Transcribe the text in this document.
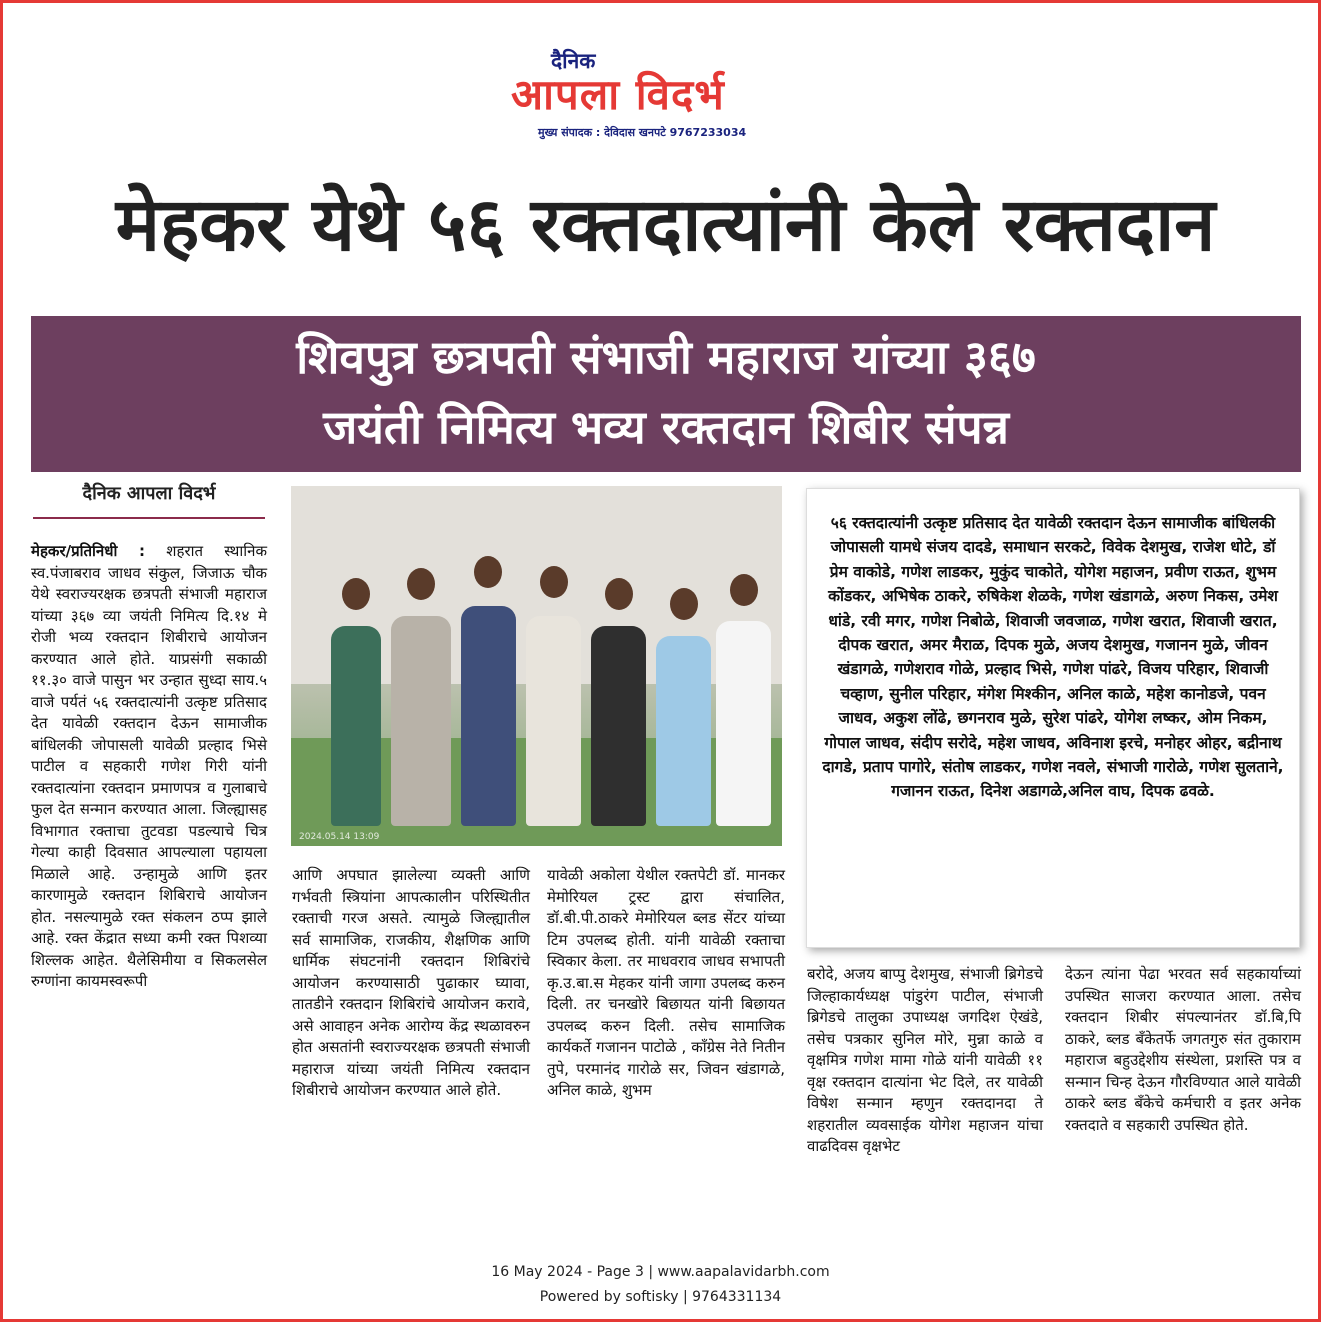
दैनिक
आपला विदर्भ
मुख्य संपादक : देविदास खनपटे 9767233034
मेहकर येथे ५६ रक्तदात्यांनी केले रक्तदान
शिवपुत्र छत्रपती संभाजी महाराज यांच्या ३६७
जयंती निमित्य भव्य रक्तदान शिबीर संपन्न
दैनिक आपला विदर्भ
मेहकर/प्रतिनिधी : शहरात स्थानिक स्व.पंजाबराव जाधव संकुल, जिजाऊ चौक येथे स्वराज्यरक्षक छत्रपती संभाजी महाराज यांच्या ३६७ व्या जयंती निमित्य दि.१४ मे रोजी भव्य रक्तदान शिबीराचे आयोजन करण्यात आले होते. याप्रसंगी सकाळी ११.३० वाजे पासुन भर उन्हात सुध्दा साय.५ वाजे पर्यतं ५६ रक्तदात्यांनी उत्कृष्ट प्रतिसाद देत यावेळी रक्तदान देऊन सामाजीक बांधिलकी जोपासली यावेळी प्रल्हाद भिसे पाटील व सहकारी गणेश गिरी यांनी रक्तदात्यांना रक्तदान प्रमाणपत्र व गुलाबाचे फुल देत सन्मान करण्यात आला. जिल्ह्यासह विभागात रक्ताचा तुटवडा पडल्याचे चित्र गेल्या काही दिवसात आपल्याला पहायला मिळाले आहे. उन्हामुळे आणि इतर कारणामुळे रक्तदान शिबिराचे आयोजन होत. नसल्यामुळे रक्त संकलन ठप्प झाले आहे. रक्त केंद्रात सध्या कमी रक्त पिशव्या शिल्लक आहेत. थैलेसिमीया व सिकलसेल रुग्णांना कायमस्वरूपी
2024.05.14 13:09
५६ रक्तदात्यांनी उत्कृष्ट प्रतिसाद देत यावेळी रक्तदान देऊन सामाजीक बांधिलकी जोपासली यामधे संजय दादडे, समाधान सरकटे, विवेक देशमुख, राजेश धोटे, डॉ प्रेम वाकोडे, गणेश लाडकर, मुकुंद चाकोते, योगेश महाजन, प्रवीण राऊत, शुभम कोंडकर, अभिषेक ठाकरे, रुषिकेश शेळके, गणेश खंडागळे, अरुण निकस, उमेश धांडे, रवी मगर, गणेश निबोळे, शिवाजी जवजाळ, गणेश खरात, शिवाजी खरात, दीपक खरात, अमर मैराळ, दिपक मुळे, अजय देशमुख, गजानन मुळे, जीवन खंडागळे, गणेशराव गोळे, प्रल्हाद भिसे, गणेश पांढरे, विजय परिहार, शिवाजी चव्हाण, सुनील परिहार, मंगेश मिश्कीन, अनिल काळे, महेश कानोडजे, पवन जाधव, अकुश लोंढे, छगनराव मुळे, सुरेश पांढरे, योगेश लष्कर, ओम निकम, गोपाल जाधव, संदीप सरोदे, महेश जाधव, अविनाश इरचे, मनोहर ओहर, बद्रीनाथ दागडे, प्रताप पागोरे, संतोष लाडकर, गणेश नवले, संभाजी गारोळे, गणेश सुलताने, गजानन राऊत, दिनेश अडागळे,अनिल वाघ, दिपक ढवळे.
आणि अपघात झालेल्या व्यक्ती आणि गर्भवती स्त्रियांना आपत्कालीन परिस्थितीत रक्ताची गरज असते. त्यामुळे जिल्ह्यातील सर्व सामाजिक, राजकीय, शैक्षणिक आणि धार्मिक संघटनांनी रक्तदान शिबिरांचे आयोजन करण्यासाठी पुढाकार घ्यावा, तातडीने रक्तदान शिबिरांचे आयोजन करावे, असे आवाहन अनेक आरोग्य केंद्र स्थळावरुन होत असतांनी स्वराज्यरक्षक छत्रपती संभाजी महाराज यांच्या जयंती निमित्य रक्तदान शिबीराचे आयोजन करण्यात आले होते.
यावेळी अकोला येथील रक्तपेटी डॉ. मानकर मेमोरियल ट्रस्ट द्वारा संचालित, डॉ.बी.पी.ठाकरे मेमोरियल ब्लड सेंटर यांच्या टिम उपलब्द होती. यांनी यावेळी रक्ताचा स्विकार केला. तर माधवराव जाधव सभापती कृ.उ.बा.स मेहकर यांनी जागा उपलब्द करुन दिली. तर चनखोरे बिछायत यांनी बिछायत उपलब्द करुन दिली. तसेच सामाजिक कार्यकर्ते गजानन पाटोळे , कॉंग्रेस नेते नितीन तुपे, परमानंद गारोळे सर, जिवन खंडागळे, अनिल काळे, शुभम
बरोदे, अजय बाप्पु देशमुख, संभाजी ब्रिगेडचे जिल्हाकार्यध्यक्ष पांडुरंग पाटील, संभाजी ब्रिगेडचे तालुका उपाध्यक्ष जगदिश ऐखंडे, तसेच पत्रकार सुनिल मोरे, मुन्ना काळे व वृक्षमित्र गणेश मामा गोळे यांनी यावेळी ११ वृक्ष रक्तदान दात्यांना भेट दिले, तर यावेळी विषेश सन्मान म्हणुन रक्तदानदा ते शहरातील व्यवसाईक योगेश महाजन यांचा वाढदिवस वृक्षभेट
देऊन त्यांना पेढा भरवत सर्व सहकार्याच्यां उपस्थित साजरा करण्यात आला. तसेच रक्तदान शिबीर संपल्यानंतर डॉ.बि,पि ठाकरे, ब्लड बँकेतर्फे जगतगुरु संत तुकाराम महाराज बहुउद्देशीय संस्थेला, प्रशस्ति पत्र व सन्मान चिन्ह देऊन गौरविण्यात आले यावेळी ठाकरे ब्लड बँकेचे कर्मचारी व इतर अनेक रक्तदाते व सहकारी उपस्थित होते.
16 May 2024 - Page 3 | www.aapalavidarbh.com
Powered by softisky | 9764331134
